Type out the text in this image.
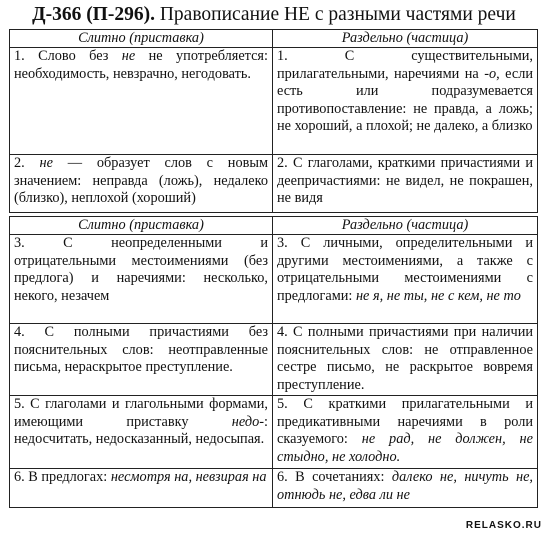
Д-366 (П-296). Правописание НЕ с разными частями речи
Слитно (приставка)	Раздельно (частица)
1. Слово без не не употребляется: необходимость, невзрачно, негодовать.	1. С существительными, прилагательными, наречиями на -о, если есть или подразумевается противопоставление: не правда, а ложь; не хороший, а плохой; не далеко, а близко
2. не — образует слов с новым значением: неправда (ложь), недалеко (близко), неплохой (хороший)	2. С глаголами, краткими причастиями и деепричастиями: не видел, не покрашен, не видя
Слитно (приставка)	Раздельно (частица)
3. С неопределенными и отрицательными местоимениями (без предлога) и наречиями: несколько, некого, незачем	3. С личными, определительными и другими местоимениями, а также с отрицательными местоимениями с предлогами: не я, не ты, не с кем, не то
4. С полными причастиями без пояснительных слов: неотправленные письма, нераскрытое преступление.	4. С полными причастиями при наличии пояснительных слов: не отправленное сестре письмо, не раскрытое вовремя преступление.
5. С глаголами и глагольными формами, имеющими приставку недо-: недосчитать, недосказанный, недосыпая.	5. С краткими прилагательными и предикативными наречиями в роли сказуемого: не рад, не должен, не стыдно, не холодно.
6. В предлогах: несмотря на, невзирая на	6. В сочетаниях: далеко не, ничуть не, отнюдь не, едва ли не
RELASKO.RU
